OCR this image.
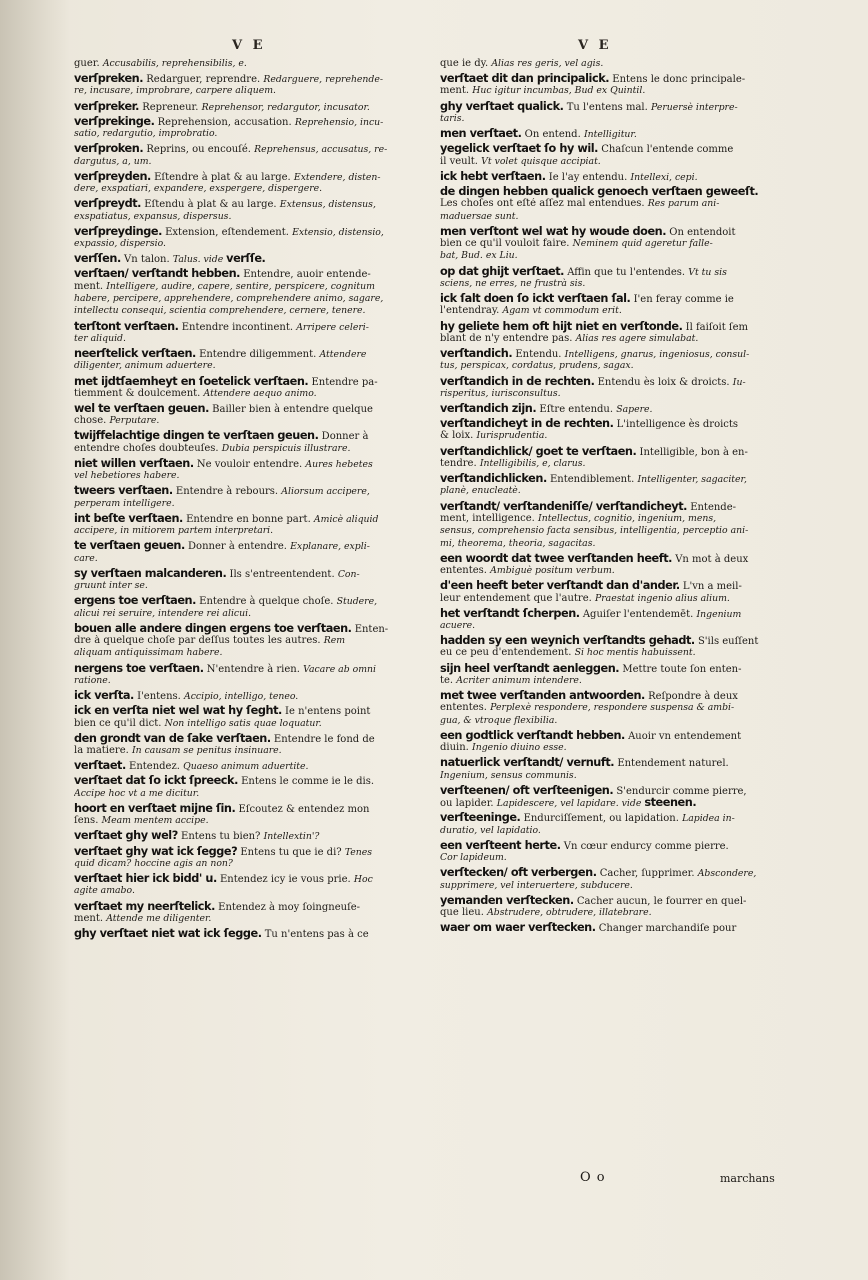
V E	V E
guer. Accusabilis, reprehensibilis, e.
verſpreken. Redarguer, reprendre. Redarguere, reprehende-
re, incusare, improbrare, carpere aliquem.
verſpreker. Repreneur. Reprehensor, redargutor, incusator.
verſprekinge. Reprehension, accusation. Reprehensio, incu-
satio, redargutio, improbratio.
verſproken. Reprins, ou encouſé. Reprehensus, accusatus, re-
dargutus, a, um.
verſpreyden. Eſtendre à plat & au large. Extendere, disten-
dere, exspatiari, expandere, exspergere, dispergere.
verſpreydt. Eſtendu à plat & au large. Extensus, distensus,
exspatiatus, expansus, dispersus.
verſpreydinge. Extension, eſtendement. Extensio, distensio,
expassio, dispersio.
verſſen. Vn talon. Talus. vide verſſe.
verſtaen/ verſtandt hebben. Entendre, auoir entende-
ment. Intelligere, audire, capere, sentire, perspicere, cognitum
habere, percipere, apprehendere, comprehendere animo, sagare,
intellectu consequi, scientia comprehendere, cernere, tenere.
terſtont verſtaen. Entendre incontinent. Arripere celeri-
ter aliquid.
neerſtelick verſtaen. Entendre diligemment. Attendere
diligenter, animum aduertere.
met ijdtſaemheyt en ſoetelick verſtaen. Entendre pa-
tiemment & doulcement. Attendere aequo animo.
wel te verſtaen geuen. Bailler bien à entendre quelque
chose. Perputare.
twijffelachtige dingen te verſtaen geuen. Donner à
entendre choſes doubteuſes. Dubia perspicuis illustrare.
niet willen verſtaen. Ne vouloir entendre. Aures hebetes
vel hebetiores habere.
tweers verſtaen. Entendre à rebours. Aliorsum accipere,
perperam intelligere.
int beſte verſtaen. Entendre en bonne part. Amicè aliquid
accipere, in mitiorem partem interpretari.
te verſtaen geuen. Donner à entendre. Explanare, expli-
care.
sy verſtaen malcanderen. Ils s'entreentendent. Con-
gruunt inter se.
ergens toe verſtaen. Entendre à quelque choſe. Studere,
alicui rei seruire, intendere rei alicui.
bouen alle andere dingen ergens toe verſtaen. Enten-
dre à quelque choſe par deſſus toutes les autres. Rem
aliquam antiquissimam habere.
nergens toe verſtaen. N'entendre à rien. Vacare ab omni
ratione.
ick verſta. I'entens. Accipio, intelligo, teneo.
ick en verſta niet wel wat hy ſeght. Ie n'entens point
bien ce qu'il dict. Non intelligo satis quae loquatur.
den grondt van de ſake verſtaen. Entendre le fond de
la matiere. In causam se penitus insinuare.
verſtaet. Entendez. Quaeso animum aduertite.
verſtaet dat ſo ickt ſpreeck. Entens le comme ie le dis.
Accipe hoc vt a me dicitur.
hoort en verſtaet mijne ſin. Eſcoutez & entendez mon
ſens. Meam mentem accipe.
verſtaet ghy wel? Entens tu bien? Intellextin'?
verſtaet ghy wat ick ſegge? Entens tu que ie di? Tenes
quid dicam? hoccine agis an non?
verſtaet hier ick bidd' u. Entendez icy ie vous prie. Hoc
agite amabo.
verſtaet my neerſtelick. Entendez à moy ſoingneuſe-
ment. Attende me diligenter.
ghy verſtaet niet wat ick ſegge. Tu n'entens pas à ce
que ie dy. Alias res geris, vel agis.
verſtaet dit dan principalick. Entens le donc principale-
ment. Huc igitur incumbas, Bud ex Quintil.
ghy verſtaet qualick. Tu l'entens mal. Peruersè interpre-
taris.
men verſtaet. On entend. Intelligitur.
yegelick verſtaet ſo hy wil. Chaſcun l'entende comme
il veult. Vt volet quisque accipiat.
ick hebt verſtaen. Ie l'ay entendu. Intellexi, cepi.
de dingen hebben qualick genoech verſtaen geweeſt.
Les choſes ont eſté aſſez mal entendues. Res parum ani-
maduersae sunt.
men verſtont wel wat hy woude doen. On entendoit
bien ce qu'il vouloit faire. Neminem quid ageretur falle-
bat, Bud. ex Liu.
op dat ghijt verſtaet. Affin que tu l'entendes. Vt tu sis
sciens, ne erres, ne frustrà sis.
ick ſalt doen ſo ickt verſtaen ſal. I'en feray comme ie
l'entendray. Agam vt commodum erit.
hy geliete hem oft hijt niet en verſtonde. Il faiſoit ſem
blant de n'y entendre pas. Alias res agere simulabat.
verſtandich. Entendu. Intelligens, gnarus, ingeniosus, consul-
tus, perspicax, cordatus, prudens, sagax.
verſtandich in de rechten. Entendu ès loix & droicts. Iu-
risperitus, iurisconsultus.
verſtandich zijn. Eſtre entendu. Sapere.
verſtandicheyt in de rechten. L'intelligence ès droicts
& loix. Iurisprudentia.
verſtandichlick/ goet te verſtaen. Intelligible, bon à en-
tendre. Intelligibilis, e, clarus.
verſtandichlicken. Entendiblement. Intelligenter, sagaciter,
planè, enucleatè.
verſtandt/ verſtandeniſſe/ verſtandicheyt. Entende-
ment, intelligence. Intellectus, cognitio, ingenium, mens,
sensus, comprehensio facta sensibus, intelligentia, perceptio ani-
mi, theorema, theoria, sagacitas.
een woordt dat twee verſtanden heeft. Vn mot à deux
ententes. Ambiguè positum verbum.
d'een heeft beter verſtandt dan d'ander. L'vn a meil-
leur entendement que l'autre. Praestat ingenio alius alium.
het verſtandt ſcherpen. Aguiſer l'entendemēt. Ingenium
acuere.
hadden sy een weynich verſtandts gehadt. S'ils euſſent
eu ce peu d'entendement. Si hoc mentis habuissent.
sijn heel verſtandt aenleggen. Mettre toute ſon enten-
te. Acriter animum intendere.
met twee verſtanden antwoorden. Reſpondre à deux
ententes. Perplexè respondere, respondere suspensa & ambi-
gua, & vtroque flexibilia.
een godtlick verſtandt hebben. Auoir vn entendement
diuin. Ingenio diuino esse.
natuerlick verſtandt/ vernuft. Entendement naturel.
Ingenium, sensus communis.
verſteenen/ oft verſteenigen. S'endurcir comme pierre,
ou lapider. Lapidescere, vel lapidare. vide steenen.
verſteeninge. Endurciſſement, ou lapidation. Lapidea in-
duratio, vel lapidatio.
een verſteent herte. Vn cœur endurcy comme pierre.
Cor lapideum.
verſtecken/ oft verbergen. Cacher, ſupprimer. Abscondere,
supprimere, vel interuertere, subducere.
yemanden verſtecken. Cacher aucun, le fourrer en quel-
que lieu. Abstrudere, obtrudere, illatebrare.
waer om waer verſtecken. Changer marchandiſe pour
O o	marchans
